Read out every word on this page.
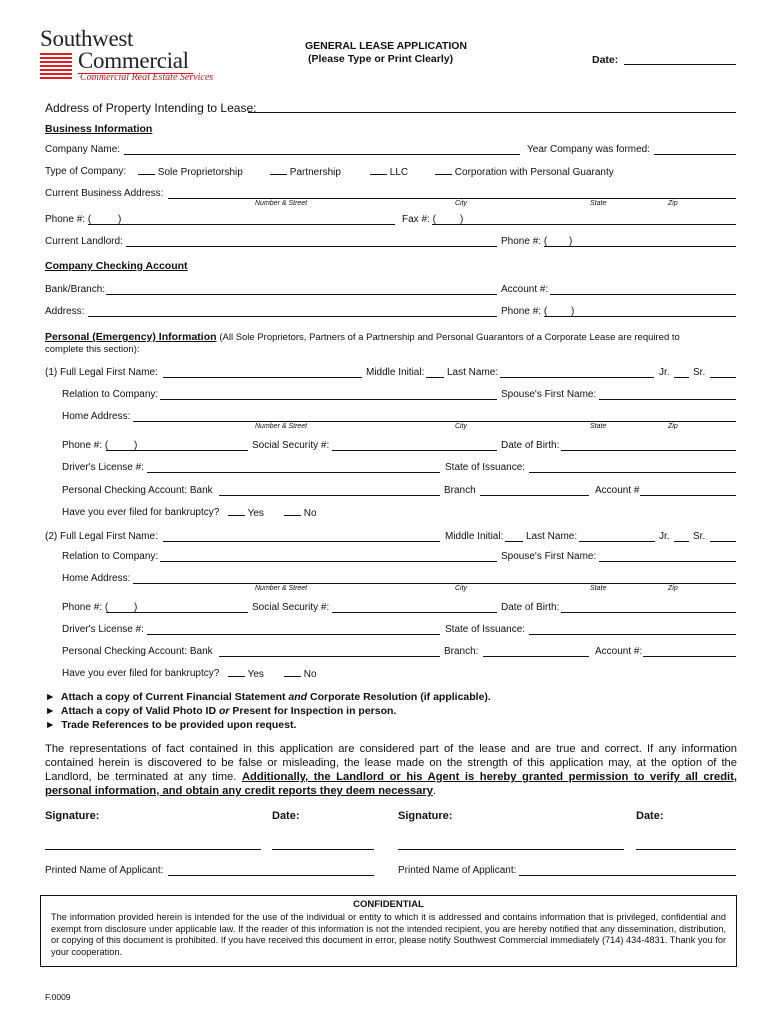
Southwest
Commercial
Commercial Real Estate Services
GENERAL LEASE APPLICATION
(Please Type or Print Clearly)	Date:
Address of Property Intending to Lease:
Business Information
Company Name:	Year Company was formed:
Type of Company:	Sole Proprietorship	Partnership	LLC	Corporation with Personal Guaranty
Current Business Address:
Number & Street	City	State	Zip
Phone #: (	)	Fax #: ( )
Current Landlord:	Phone #: ( )
Company Checking Account
Bank/Branch:	Account #:
Address:	Phone #: ( )
Personal (Emergency) Information (All Sole Proprietors, Partners of a Partnership and Personal Guarantors of a Corporate Lease are required to
complete this section):
(1) Full Legal First Name:	Middle Initial: Last Name:	Jr. Sr.
Relation to Company:	Spouse's First Name:
Home Address:
Number & Street	City	State	Zip
Phone #: (	)	Social Security #:	Date of Birth:
Driver's License #:	State of Issuance:
Personal Checking Account: Bank	Branch	Account #
Have you ever filed for bankruptcy?	Yes	No
(2) Full Legal First Name:	Middle Initial: Last Name:	Jr. Sr.
Relation to Company:	Spouse's First Name:
Home Address:
Number & Street	City	State	Zip
Phone #: (	)	Social Security #:	Date of Birth:
Driver's License #:	State of Issuance:
Personal Checking Account: Bank	Branch:	Account #:
Have you ever filed for bankruptcy?	Yes	No
► Attach a copy of Current Financial Statement and Corporate Resolution (if applicable).
► Attach a copy of Valid Photo ID or Present for Inspection in person.
► Trade References to be provided upon request.
The representations of fact contained in this application are considered part of the lease and are true and correct. If any information contained herein is discovered to be false or misleading, the lease made on the strength of this application may, at the option of the Landlord, be terminated at any time. Additionally, the Landlord or his Agent is hereby granted permission to verify all credit, personal information, and obtain any credit reports they deem necessary.
Signature:	Date:	Signature:	Date:
Printed Name of Applicant:	Printed Name of Applicant:
CONFIDENTIAL

The information provided herein is intended for the use of the individual or entity to which it is addressed and contains information that is privileged, confidential and exempt from disclosure under applicable law. If the reader of this information is not the intended recipient, you are hereby notified that any dissemination, distribution, or copying of this document is prohibited. If you have received this document in error, please notify Southwest Commercial immediately (714) 434-4831. Thank you for your cooperation.

F.0009
